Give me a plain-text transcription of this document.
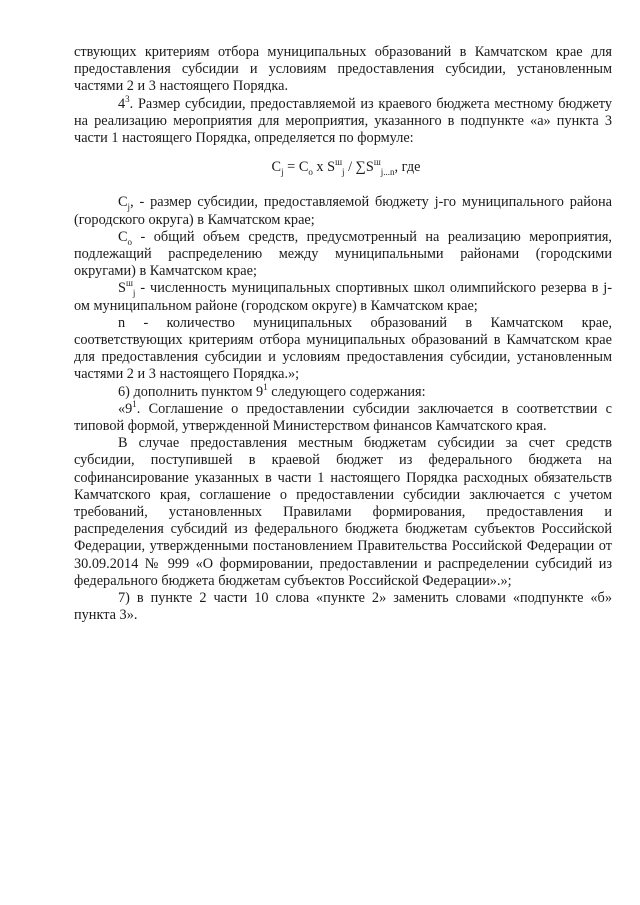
ствующих критериям отбора муниципальных образований в Камчатском крае для предоставления субсидии и условиям предоставления субсидии, установленным частями 2 и 3 настоящего Порядка.

$4^3$. Размер субсидии, предоставляемой из краевого бюджета местному бюджету на реализацию мероприятия для мероприятия, указанного в подпункте «а» пункта 3 части 1 настоящего Порядка, определяется по формуле:

$C_j = C_o$ x $S^ш_j / \sum S^ш_{j...n}$, где

$C_j$, - размер субсидии, предоставляемой бюджету j-го муниципального района (городского округа) в Камчатском крае;

$C_o$ - общий объем средств, предусмотренный на реализацию мероприятия, подлежащий распределению между муниципальными районами (городскими округами) в Камчатском крае;

$S^ш_j$ - численность муниципальных спортивных школ олимпийского резерва в j-ом муниципальном районе (городском округе) в Камчатском крае;

n - количество муниципальных образований в Камчатском крае, соответствующих критериям отбора муниципальных образований в Камчатском крае для предоставления субсидии и условиям предоставления субсидии, установленным частями 2 и 3 настоящего Порядка.»;

6) дополнить пунктом $9^1$ следующего содержания:

«$9^1$. Соглашение о предоставлении субсидии заключается в соответствии с типовой формой, утвержденной Министерством финансов Камчатского края.

В случае предоставления местным бюджетам субсидии за счет средств субсидии, поступившей в краевой бюджет из федерального бюджета на софинансирование указанных в части 1 настоящего Порядка расходных обязательств Камчатского края, соглашение о предоставлении субсидии заключается с учетом требований, установленных Правилами формирования, предоставления и распределения субсидий из федерального бюджета бюджетам субъектов Российской Федерации, утвержденными постановлением Правительства Российской Федерации от 30.09.2014 № 999 «О формировании, предоставлении и распределении субсидий из федерального бюджета бюджетам субъектов Российской Федерации».»;

7) в пункте 2 части 10 слова «пункте 2» заменить словами «подпункте «б» пункта 3».
